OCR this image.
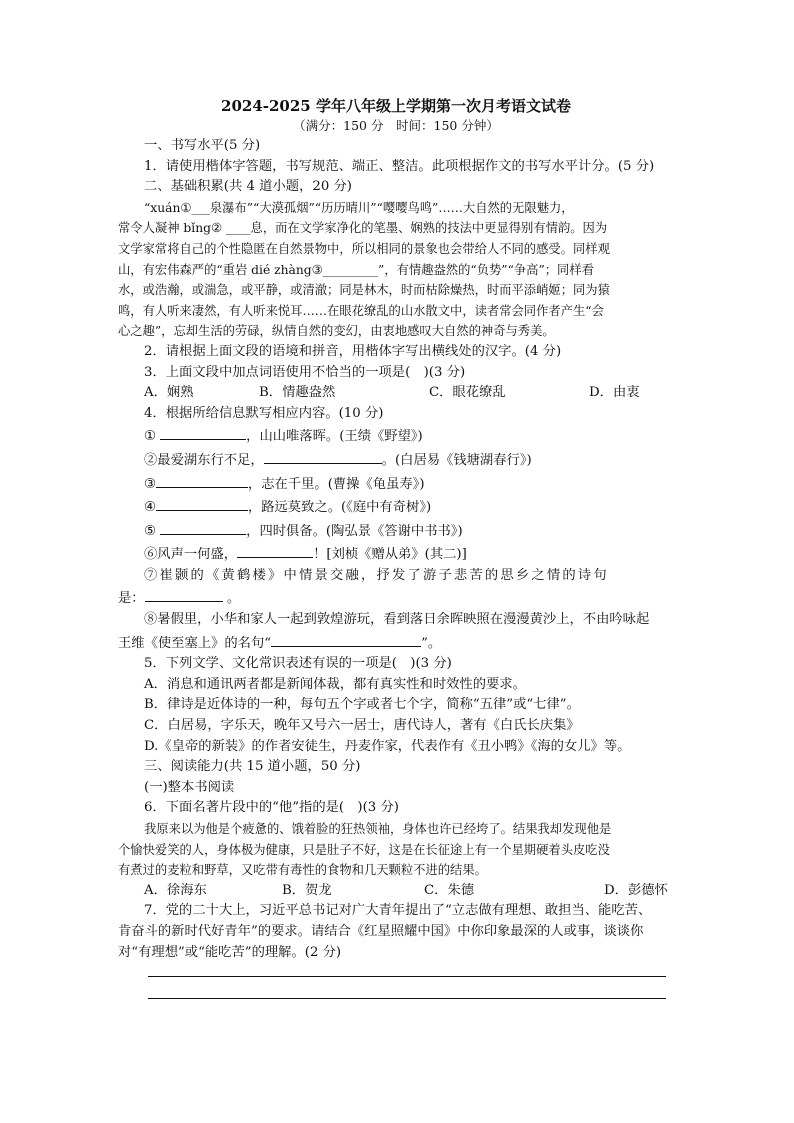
2024-2025 学年八年级上学期第一次月考语文试卷

（满分：150 分　时间：150 分钟）

一、书写水平(5 分)

1．请使用楷体字答题，书写规范、端正、整洁。此项根据作文的书写水平计分。(5 分)

二、基础积累(共 4 道小题，20 分)

“xuán①___泉瀑布”“大漠孤烟”“历历晴川”“嘤嘤鸟鸣”……大自然的无限魅力，

常令人凝神 bǐng② ____息，而在文学家净化的笔墨、娴熟的技法中更显得别有情韵。因为

文学家常将自己的个性隐匿在自然景物中，所以相同的景象也会带给人不同的感受。同样观

山，有宏伟森严的“重岩 dié zhàng③_________”，有情趣盎然的“负势”“争高”；同样看

水，或浩瀚，或湍急，或平静，或清澈；同是林木，时而枯除燥热，时而平添峭姬；同为猿

鸣，有人听来凄然，有人听来悦耳……在眼花缭乱的山水散文中，读者常会同作者产生“会

心之趣”，忘却生活的劳碌，纵情自然的变幻，由衷地感叹大自然的神奇与秀美。

2．请根据上面文段的语境和拼音，用楷体字写出横线处的汉字。(4 分)

3．上面文段中加点词语使用不恰当的一项是(　)(3 分)

A．娴熟	B．情趣盎然	C．眼花缭乱	D．由衷

4．根据所给信息默写相应内容。(10 分)

①	，山山唯落晖。(王绩《野望》)

②最爱湖东行不足，	。(白居易《钱塘湖春行》)

③	，志在千里。(曹操《龟虽寿》)

④	，路远莫致之。(《庭中有奇树》)

⑤	，四时俱备。(陶弘景《答谢中书书》)

⑥风声一何盛，	！[刘桢《赠从弟》(其二)]

⑦崔颢的《黄鹤楼》中情景交融，抒发了游子悲苦的思乡之情的诗句

是：	。

⑧暑假里，小华和家人一起到敦煌游玩，看到落日余晖映照在漫漫黄沙上，不由吟咏起

王维《使至塞上》的名句“	”。

5．下列文学、文化常识表述有误的一项是(　)(3 分)

A．消息和通讯两者都是新闻体裁，都有真实性和时效性的要求。

B．律诗是近体诗的一种，每句五个字或者七个字，简称“五律”或“七律”。

C．白居易，字乐天，晚年又号六一居士，唐代诗人，著有《白氏长庆集》

D.《皇帝的新装》的作者安徒生，丹麦作家，代表作有《丑小鸭》《海的女儿》等。

三、阅读能力(共 15 道小题，50 分)

(一)整本书阅读

6．下面名著片段中的“他”指的是(　)(3 分)

我原来以为他是个疲惫的、饿着脸的狂热领袖，身体也许已经垮了。结果我却发现他是

个愉快爱笑的人，身体极为健康，只是肚子不好，这是在长征途上有一个星期硬着头皮吃没

有煮过的麦粒和野草，又吃带有毒性的食物和几天颗粒不进的结果。

A．徐海东	B．贺龙	C．朱德	D．彭德怀

7．党的二十大上，习近平总书记对广大青年提出了“立志做有理想、敢担当、能吃苦、

肯奋斗的新时代好青年”的要求。请结合《红星照耀中国》中你印象最深的人或事，谈谈你

对“有理想”或“能吃苦”的理解。(2 分)
